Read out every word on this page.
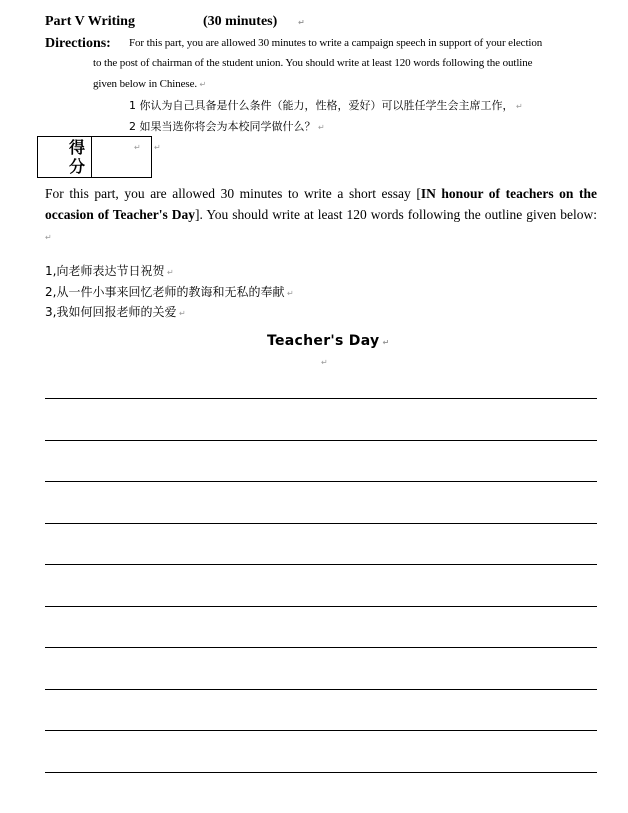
Part V Writing	(30 minutes)	↵
Directions: For this part, you are allowed 30 minutes to write a campaign speech in support of your election
to the post of chairman of the student union. You should write at least 120 words following the outline
given below in Chinese. ↵
1 你认为自己具备是什么条件（能力，性格，爱好）可以胜任学生会主席工作， ↵
2 如果当选你将会为本校同学做什么？ ↵
得分
↵ ↵
For this part, you are allowed 30 minutes to write a short essay [IN honour of teachers on the occasion of Teacher's Day]. You should write at least 120 words following the outline given below: ↵
1,向老师表达节日祝贺 ↵
2,从一件小事来回忆老师的教诲和无私的奉献 ↵
3,我如何回报老师的关爱 ↵
Teacher's Day ↵
↵
